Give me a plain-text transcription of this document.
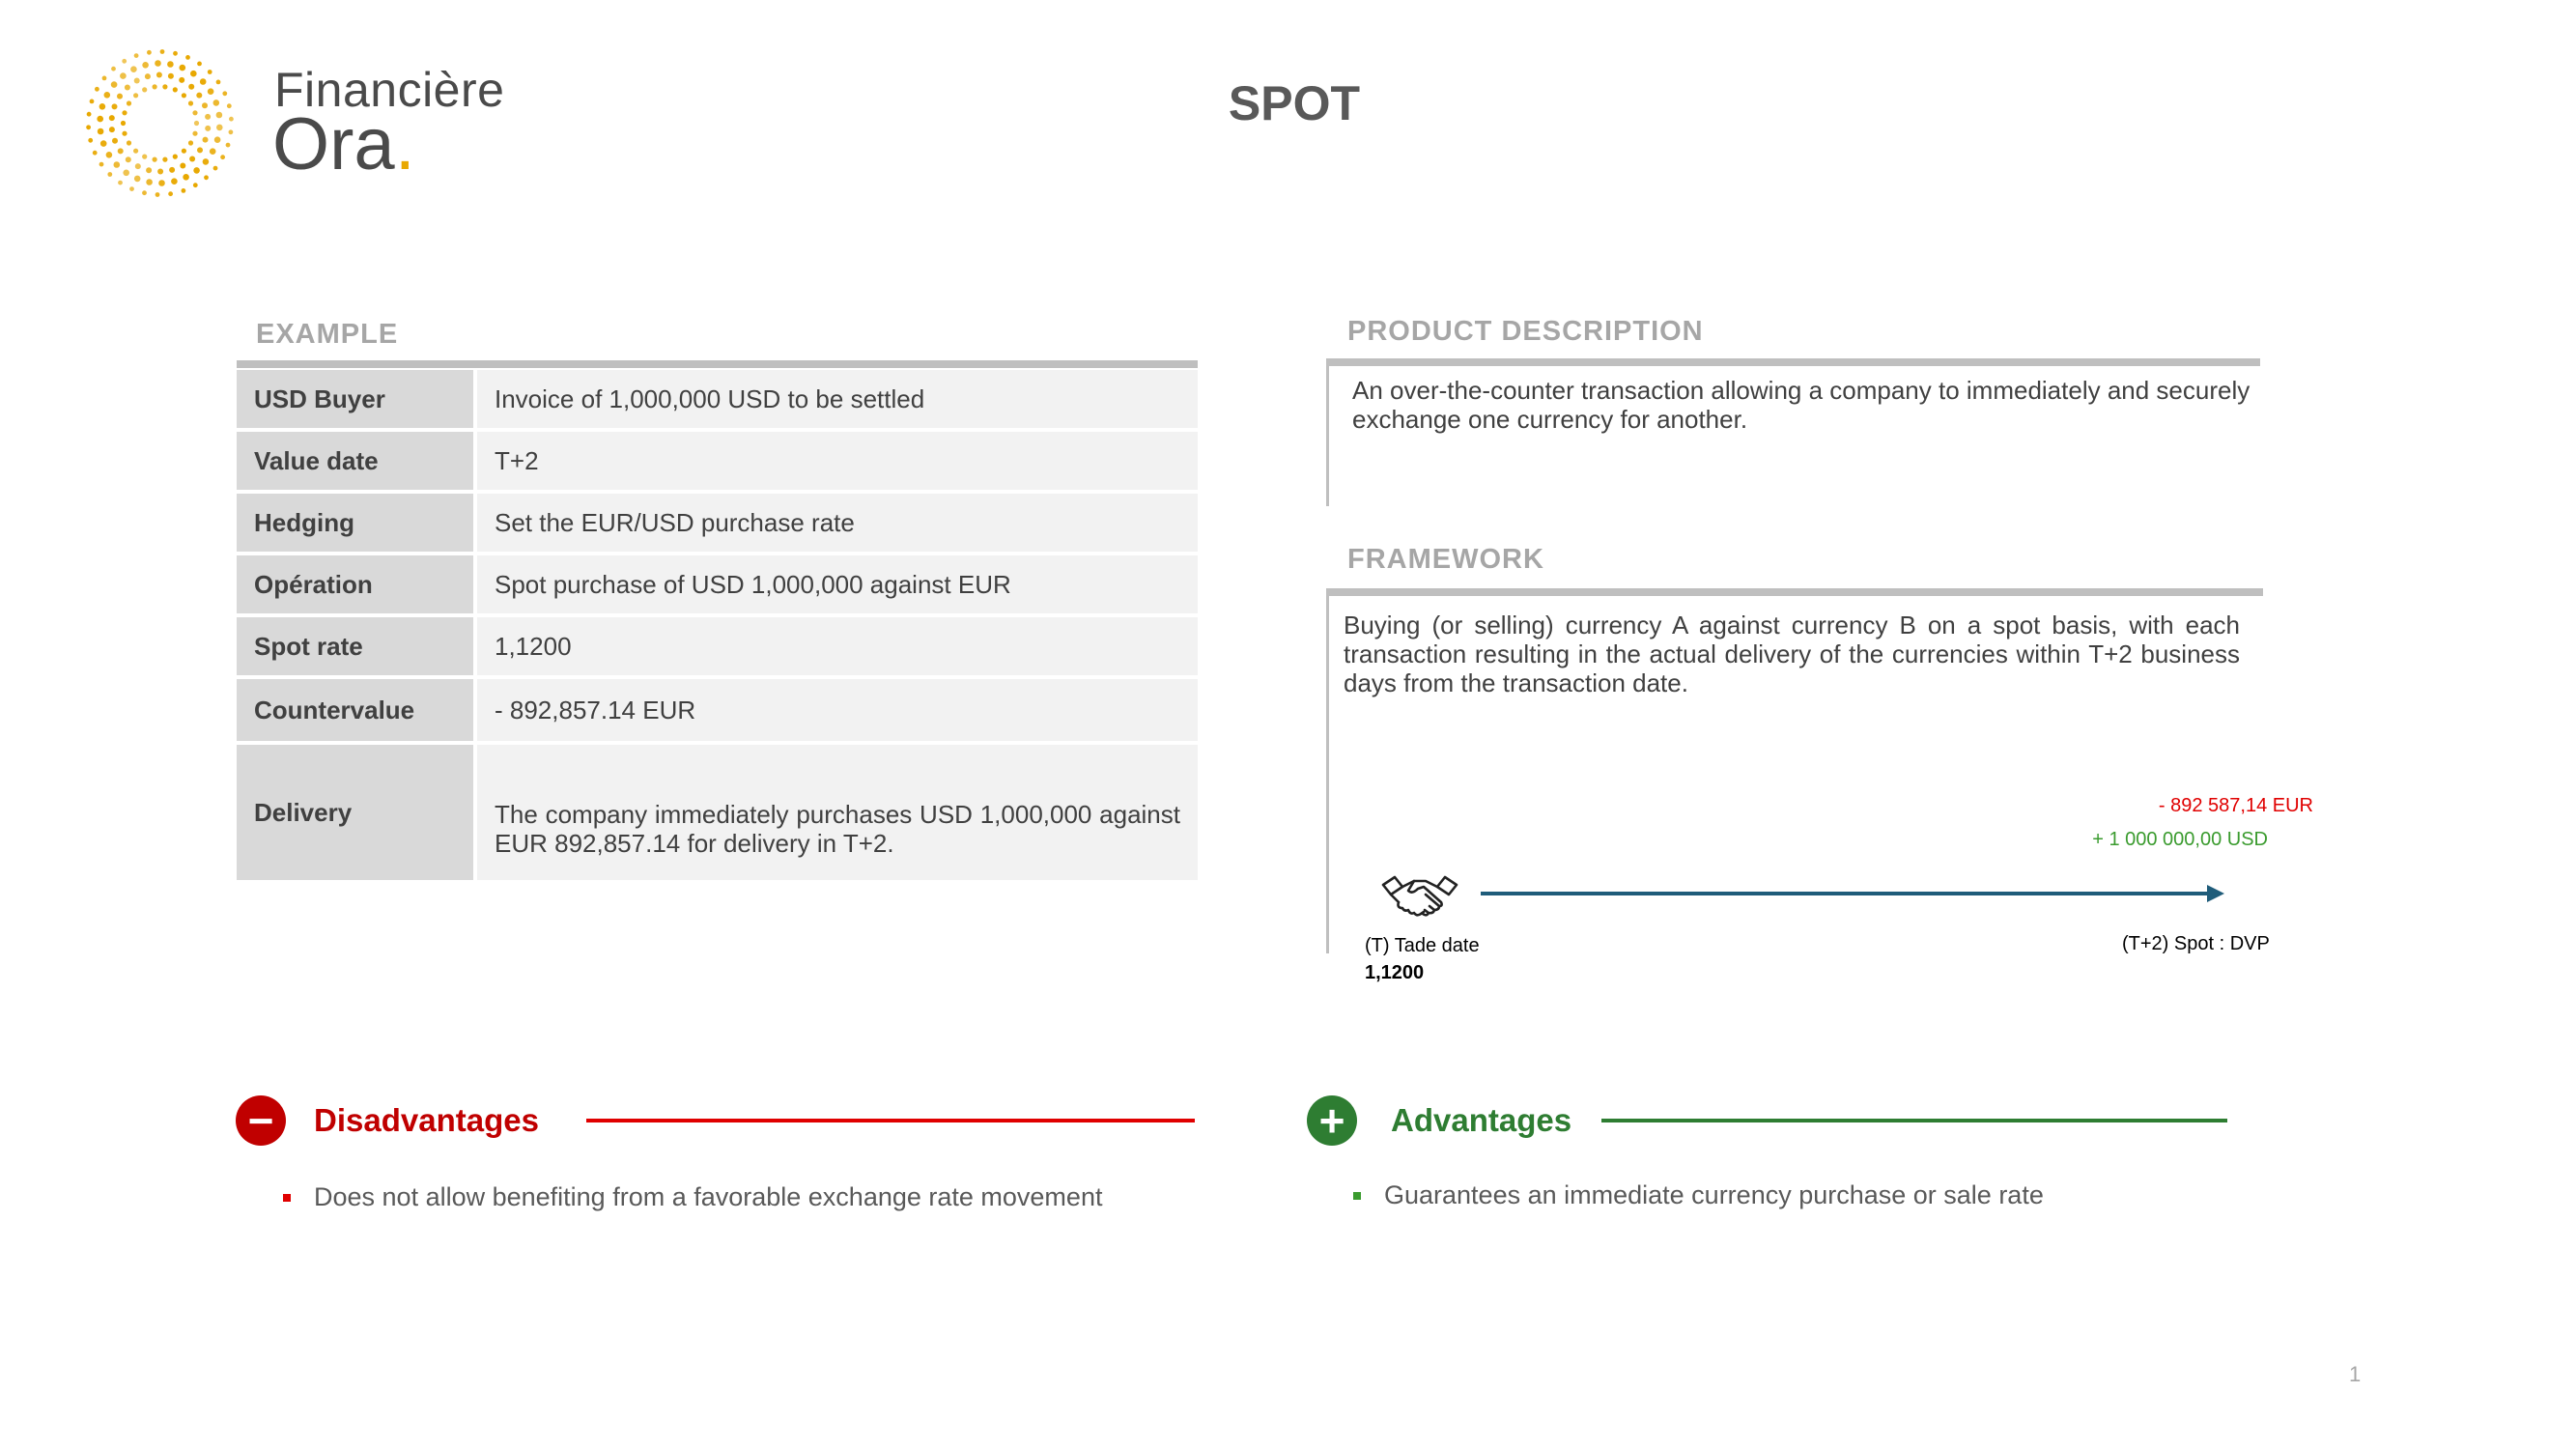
Financière
Ora.	SPOT
EXAMPLE
USD Buyer	Invoice of 1,000,000 USD to be settled
Value date	T+2
Hedging	Set the EUR/USD purchase rate
Opération	Spot purchase of USD 1,000,000 against EUR
Spot rate	1,1200
Countervalue	- 892,857.14 EUR
Delivery	The company immediately purchases USD 1,000,000 against EUR 892,857.14 for delivery in T+2.
PRODUCT DESCRIPTION
An over-the-counter transaction allowing a company to immediately and securely exchange one currency for another.
FRAMEWORK
Buying (or selling) currency A against currency B on a spot basis, with each transaction resulting in the actual delivery of the currencies within T+2 business days from the transaction date.
- 892 587,14 EUR
+ 1 000 000,00 USD
(T) Tade date
1,1200
(T+2) Spot : DVP
−	Disadvantages
Does not allow benefiting from a favorable exchange rate movement
+	Advantages
Guarantees an immediate currency purchase or sale rate
1
